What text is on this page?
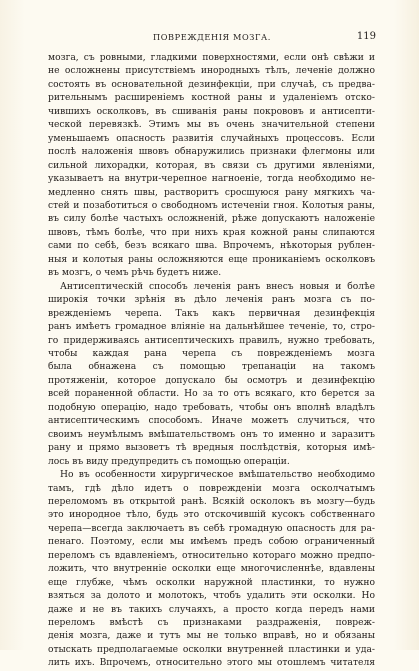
ПОВРЕЖДЕНІЯ МОЗГА.	119
мозга, съ ровными, гладкими поверхностями, если онѣ свѣжи и
не осложнены присутствіемъ инородныхъ тѣлъ, леченіе должно
состоять въ основательной дезинфекціи, при случаѣ, съ предва-
рительнымъ расширеніемъ костной раны и удаленіемъ отско-
чившихъ осколковъ, въ сшиванія раны покрововъ и антисепти-
ческой перевязкѣ. Этимъ мы въ очень значительной степени
уменьшаемъ опасность развитія случайныхъ процессовъ. Если
послѣ наложенія швовъ обнаружились признаки флегмоны или
сильной лихорадки, которая, въ связи съ другими явленіями,
указываетъ на внутри-черепное нагноеніе, тогда необходимо не-
медленно снять швы, растворитъ сросшуюся рану мягкихъ ча-
стей и позаботиться о свободномъ истеченіи гноя. Колотыя раны,
въ силу болѣе частыхъ осложненій, рѣже допускаютъ наложеніе
швовъ, тѣмъ болѣе, что при нихъ края кожной раны слипаются
сами по себѣ, безъ всякаго шва. Впрочемъ, нѣкоторыя рублен-
ныя и колотыя раны осложняются еще прониканіемъ осколковъ
въ мозгъ, о чемъ рѣчь будетъ ниже.
Антисептическій способъ леченія ранъ внесъ новыя и болѣе
широкія точки зрѣнія въ дѣло леченія ранъ мозга съ по-
врежденіемъ черепа. Такъ какъ первичная дезинфекція
ранъ имѣетъ громадное вліяніе на дальнѣйшее теченіе, то, стро-
го придерживаясь антисептическихъ правилъ, нужно требовать,
чтобы каждая рана черепа съ поврежденіемъ мозга
была обнажена съ помощью трепанаціи на такомъ
протяженіи, которое допускало бы осмотръ и дезинфекцію
всей пораненной области. Но за то отъ всякаго, кто берется за
подобную операцію, надо требовать, чтобы онъ вполнѣ владѣлъ
антисептическимъ способомъ. Иначе можетъ случиться, что
своимъ неумѣлымъ вмѣшательствомъ онъ то именно и заразитъ
рану и прямо вызоветъ тѣ вредныя послѣдствія, которыя имѣ-
лось въ виду предупредить съ помощью операціи.
Но въ особенности хирургическое вмѣшательство необходимо
тамъ, гдѣ дѣло идетъ о поврежденіи мозга осколчатымъ
переломомъ въ открытой ранѣ. Всякій осколокъ въ мозгу—будь
это инородное тѣло, будь это отскочившій кусокъ собственнаго
черепа—всегда заключаетъ въ себѣ громадную опасность для ра-
пенаго. Поэтому, если мы имѣемъ предъ собою ограниченный
переломъ съ вдавленіемъ, относительно котораго можно предпо-
ложить, что внутренніе осколки еще многочисленнѣе, вдавлены
еще глубже, чѣмъ осколки наружной пластинки, то нужно
взяться за долото и молотокъ, чтобъ удалить эти осколки. Но
даже и не въ такихъ случаяхъ, а просто когда передъ нами
переломъ вмѣстѣ съ признаками раздраженія, повреж-
денія мозга, даже и тутъ мы не только вправѣ, но и обязаны
отыскать предполагаемые осколки внутренней пластинки и уда-
лить ихъ. Впрочемъ, относительно этого мы отошлемъ читателя
